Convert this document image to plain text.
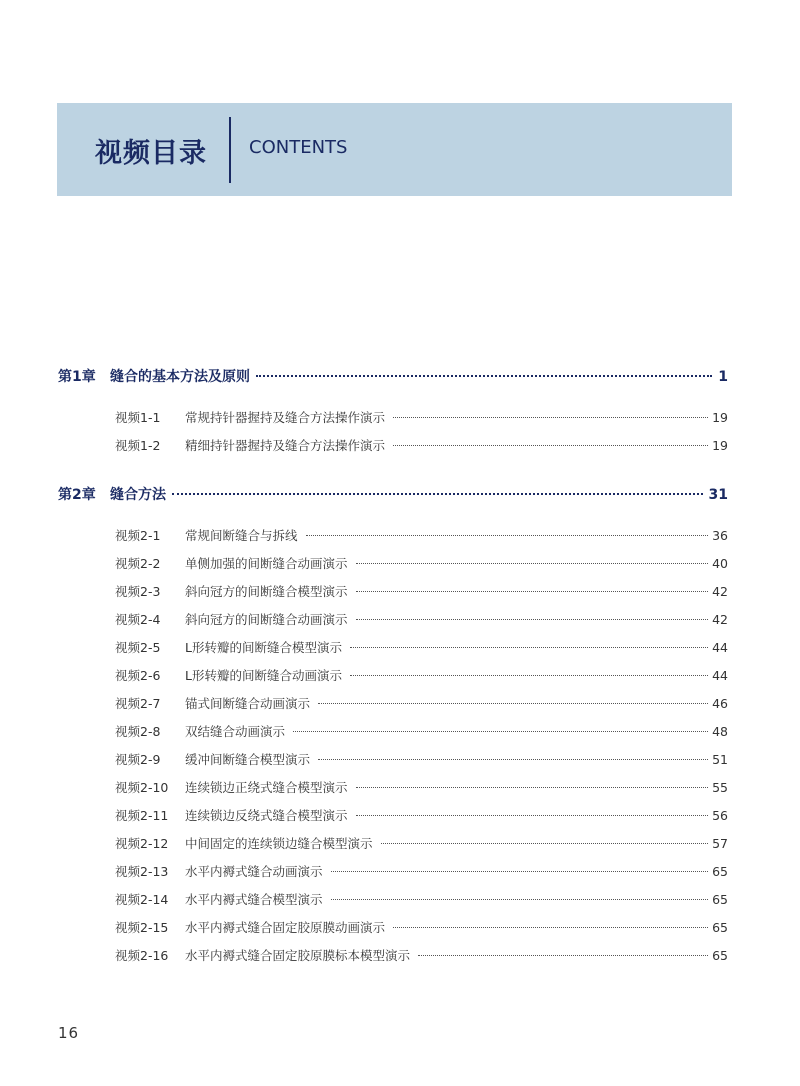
视频目录 CONTENTS
第1章	缝合的基本方法及原则	1
视频1-1	常规持针器握持及缝合方法操作演示	19
视频1-2	精细持针器握持及缝合方法操作演示	19
第2章	缝合方法	31
视频2-1	常规间断缝合与拆线	36
视频2-2	单侧加强的间断缝合动画演示	40
视频2-3	斜向冠方的间断缝合模型演示	42
视频2-4	斜向冠方的间断缝合动画演示	42
视频2-5	L形转瓣的间断缝合模型演示	44
视频2-6	L形转瓣的间断缝合动画演示	44
视频2-7	锚式间断缝合动画演示	46
视频2-8	双结缝合动画演示	48
视频2-9	缓冲间断缝合模型演示	51
视频2-10	连续锁边正绕式缝合模型演示	55
视频2-11	连续锁边反绕式缝合模型演示	56
视频2-12	中间固定的连续锁边缝合模型演示	57
视频2-13	水平内褥式缝合动画演示	65
视频2-14	水平内褥式缝合模型演示	65
视频2-15	水平内褥式缝合固定胶原膜动画演示	65
视频2-16	水平内褥式缝合固定胶原膜标本模型演示	65
16
